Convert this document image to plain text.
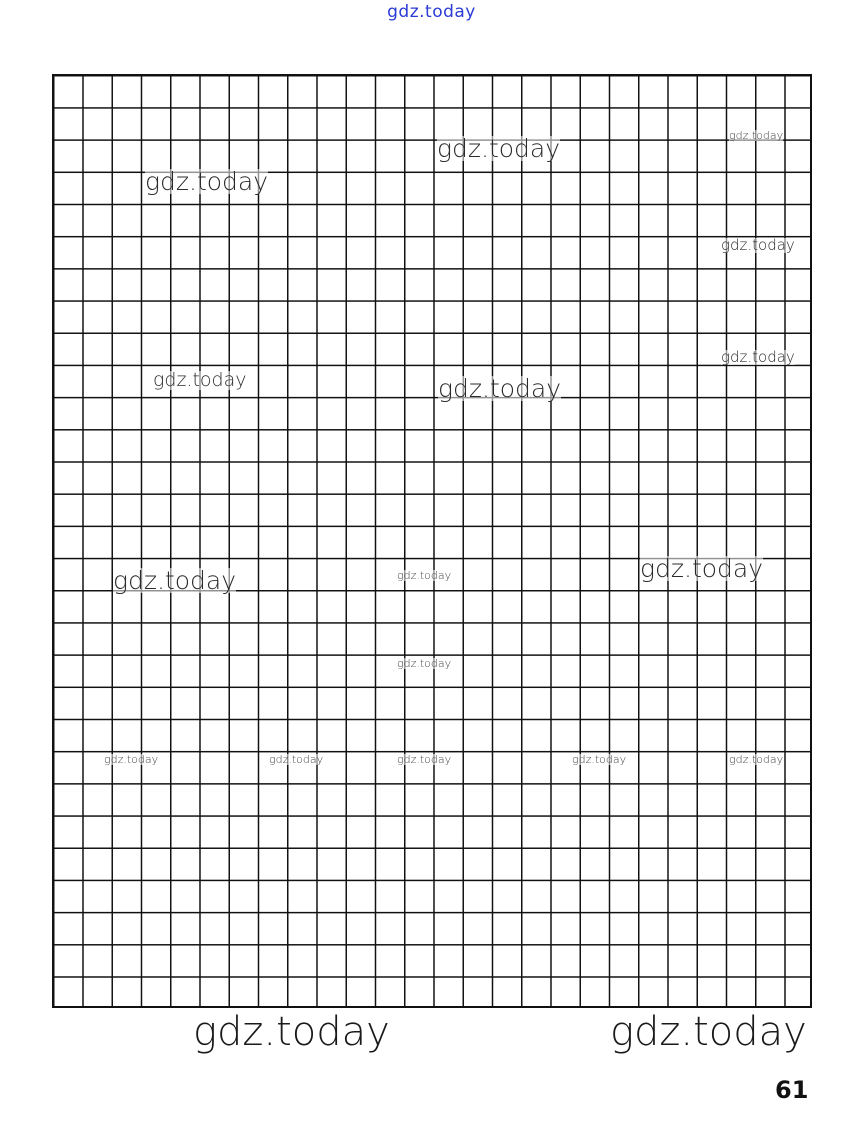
gdz.today
gdz.today
gdz.today
gdz.today
gdz.today
gdz.today
gdz.today	gdz.today
gdz.today	gdz.today	gdz.today
gdz.today
gdz.today	gdz.today	gdz.today	gdz.today	gdz.today
gdz.today	gdz.today
61
